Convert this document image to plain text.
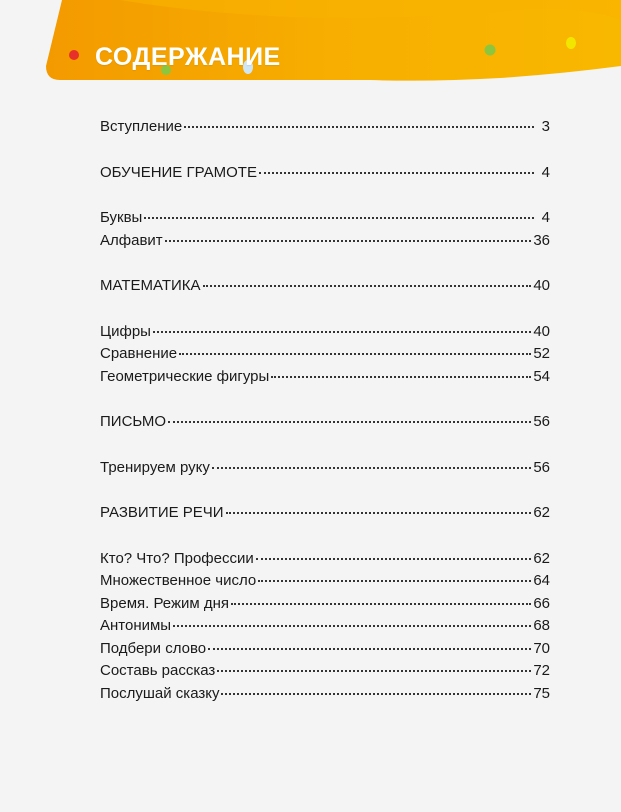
СОДЕРЖАНИЕ
Вступление	3
ОБУЧЕНИЕ ГРАМОТЕ	4
Буквы	4
Алфавит	36
МАТЕМАТИКА	40
Цифры	40
Сравнение	52
Геометрические фигуры	54
ПИСЬМО	56
Тренируем руку	56
РАЗВИТИЕ РЕЧИ	62
Кто? Что? Профессии	62
Множественное число	64
Время. Режим дня	66
Антонимы	68
Подбери слово	70
Составь рассказ	72
Послушай сказку	75
